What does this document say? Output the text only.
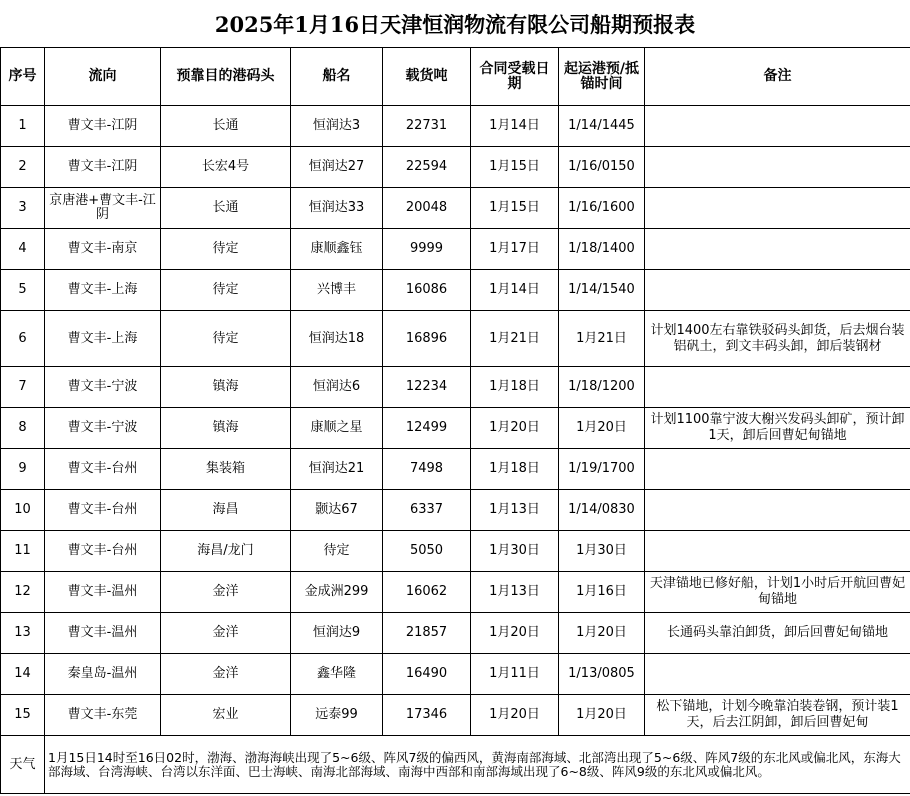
2025年1月16日天津恒润物流有限公司船期预报表
序号	流向	预靠目的港码头	船名	载货吨	合同受载日期	起运港预/抵锚时间	备注
1	曹文丰-江阴	长通	恒润达3	22731	1月14日	1/14/1445	
2	曹文丰-江阴	长宏4号	恒润达27	22594	1月15日	1/16/0150	
3	京唐港+曹文丰-江阴	长通	恒润达33	20048	1月15日	1/16/1600	
4	曹文丰-南京	待定	康顺鑫钰	9999	1月17日	1/18/1400	
5	曹文丰-上海	待定	兴博丰	16086	1月14日	1/14/1540	
6	曹文丰-上海	待定	恒润达18	16896	1月21日	1月21日	计划1400左右靠铁驳码头卸货，后去烟台装铝矾土，到文丰码头卸，卸后装钢材
7	曹文丰-宁波	镇海	恒润达6	12234	1月18日	1/18/1200	
8	曹文丰-宁波	镇海	康顺之星	12499	1月20日	1月20日	计划1100靠宁波大榭兴发码头卸矿，预计卸1天，卸后回曹妃甸锚地
9	曹文丰-台州	集装箱	恒润达21	7498	1月18日	1/19/1700	
10	曹文丰-台州	海昌	颢达67	6337	1月13日	1/14/0830	
11	曹文丰-台州	海昌/龙门	待定	5050	1月30日	1月30日	
12	曹文丰-温州	金洋	金成洲299	16062	1月13日	1月16日	天津锚地已修好船，计划1小时后开航回曹妃甸锚地
13	曹文丰-温州	金洋	恒润达9	21857	1月20日	1月20日	长通码头靠泊卸货，卸后回曹妃甸锚地
14	秦皇岛-温州	金洋	鑫华隆	16490	1月11日	1/13/0805	
15	曹文丰-东莞	宏业	远泰99	17346	1月20日	1月20日	松下锚地，计划今晚靠泊装卷钢，预计装1天，后去江阴卸，卸后回曹妃甸
天气	1月15日14时至16日02时，渤海、渤海海峡出现了5~6级、阵风7级的偏西风，黄海南部海域、北部湾出现了5~6级、阵风7级的东北风或偏北风，东海大部海域、台湾海峡、台湾以东洋面、巴士海峡、南海北部海域、南海中西部和南部海域出现了6~8级、阵风9级的东北风或偏北风。						
